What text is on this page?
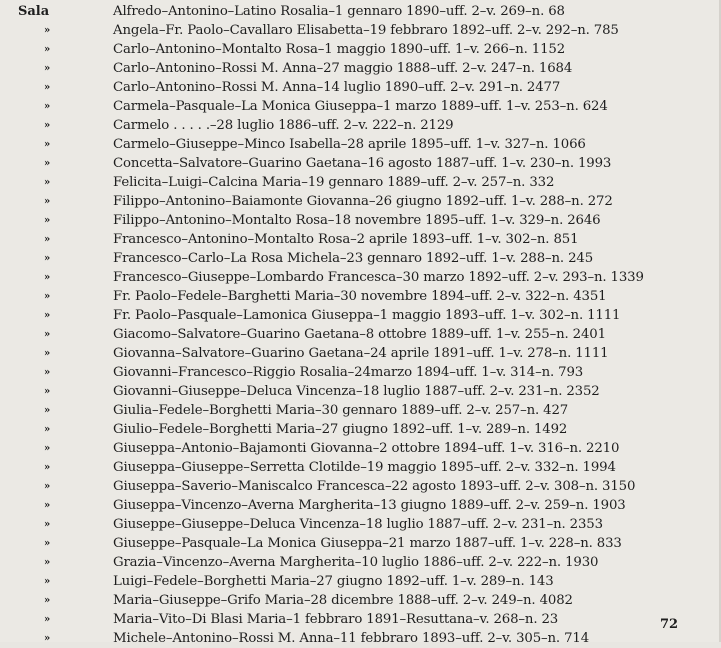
Sala	Alfredo–Antonino–Latino Rosalia–1 gennaro 1890–uff. 2–v. 269–n. 68
»	Angela–Fr. Paolo–Cavallaro Elisabetta–19 febbraro 1892–uff. 2–v. 292–n. 785
»	Carlo–Antonino–Montalto Rosa–1 maggio 1890–uff. 1–v. 266–n. 1152
»	Carlo–Antonino–Rossi M. Anna–27 maggio 1888–uff. 2–v. 247–n. 1684
»	Carlo–Antonino–Rossi M. Anna–14 luglio 1890–uff. 2–v. 291–n. 2477
»	Carmela–Pasquale–La Monica Giuseppa–1 marzo 1889–uff. 1–v. 253–n. 624
»	Carmelo . . . . .–28 luglio 1886–uff. 2–v. 222–n. 2129
»	Carmelo–Giuseppe–Minco Isabella–28 aprile 1895–uff. 1–v. 327–n. 1066
»	Concetta–Salvatore–Guarino Gaetana–16 agosto 1887–uff. 1–v. 230–n. 1993
»	Felicita–Luigi–Calcina Maria–19 gennaro 1889–uff. 2–v. 257–n. 332
»	Filippo–Antonino–Baiamonte Giovanna–26 giugno 1892–uff. 1–v. 288–n. 272
»	Filippo–Antonino–Montalto Rosa–18 novembre 1895–uff. 1–v. 329–n. 2646
»	Francesco–Antonino–Montalto Rosa–2 aprile 1893–uff. 1–v. 302–n. 851
»	Francesco–Carlo–La Rosa Michela–23 gennaro 1892–uff. 1–v. 288–n. 245
»	Francesco–Giuseppe–Lombardo Francesca–30 marzo 1892–uff. 2–v. 293–n. 1339
»	Fr. Paolo–Fedele–Barghetti Maria–30 novembre 1894–uff. 2–v. 322–n. 4351
»	Fr. Paolo–Pasquale–Lamonica Giuseppa–1 maggio 1893–uff. 1–v. 302–n. 1111
»	Giacomo–Salvatore–Guarino Gaetana–8 ottobre 1889–uff. 1–v. 255–n. 2401
»	Giovanna–Salvatore–Guarino Gaetana–24 aprile 1891–uff. 1–v. 278–n. 1111
»	Giovanni–Francesco–Riggio Rosalia–24marzo 1894–uff. 1–v. 314–n. 793
»	Giovanni–Giuseppe–Deluca Vincenza–18 luglio 1887–uff. 2–v. 231–n. 2352
»	Giulia–Fedele–Borghetti Maria–30 gennaro 1889–uff. 2–v. 257–n. 427
»	Giulio–Fedele–Borghetti Maria–27 giugno 1892–uff. 1–v. 289–n. 1492
»	Giuseppa–Antonio–Bajamonti Giovanna–2 ottobre 1894–uff. 1–v. 316–n. 2210
»	Giuseppa–Giuseppe–Serretta Clotilde–19 maggio 1895–uff. 2–v. 332–n. 1994
»	Giuseppa–Saverio–Maniscalco Francesca–22 agosto 1893–uff. 2–v. 308–n. 3150
»	Giuseppa–Vincenzo–Averna Margherita–13 giugno 1889–uff. 2–v. 259–n. 1903
»	Giuseppe–Giuseppe–Deluca Vincenza–18 luglio 1887–uff. 2–v. 231–n. 2353
»	Giuseppe–Pasquale–La Monica Giuseppa–21 marzo 1887–uff. 1–v. 228–n. 833
»	Grazia–Vincenzo–Averna Margherita–10 luglio 1886–uff. 2–v. 222–n. 1930
»	Luigi–Fedele–Borghetti Maria–27 giugno 1892–uff. 1–v. 289–n. 143
»	Maria–Giuseppe–Grifo Maria–28 dicembre 1888–uff. 2–v. 249–n. 4082
»	Maria–Vito–Di Blasi Maria–1 febbraro 1891–Resuttana–v. 268–n. 23
»	Michele–Antonino–Rossi M. Anna–11 febbraro 1893–uff. 2–v. 305–n. 714
72
